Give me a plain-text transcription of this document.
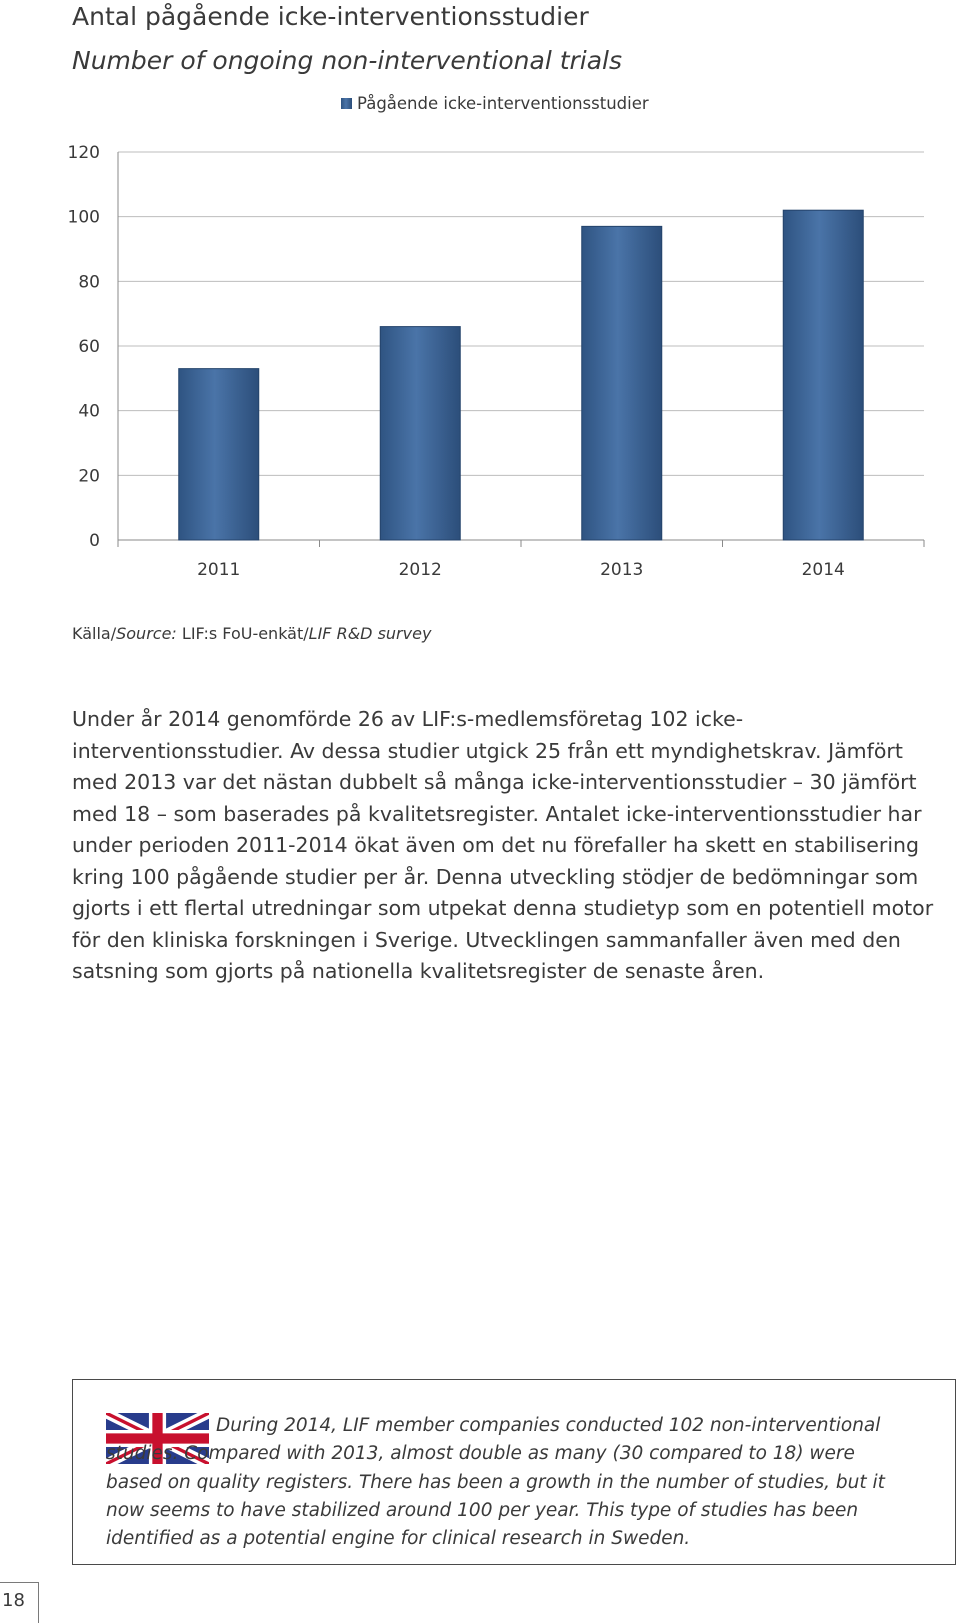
Antal pågående icke-interventionsstudier
Number of ongoing non-interventional trials
Pågående icke-interventionsstudier
0
20
40
60
80
100
120
2011	2012	2013	2014
Källa/Source: LIF:s FoU-enkät/LIF R&D survey

Under år 2014 genomförde 26 av LIF:s-medlemsföretag 102 icke-interventionsstudier. Av dessa studier utgick 25 från ett myndighetskrav. Jämfört med 2013 var det nästan dubbelt så många icke-interventionsstudier – 30 jämfört med 18 – som baserades på kvalitetsregister. Antalet icke-interventionsstudier har under perioden 2011-2014 ökat även om det nu förefaller ha skett en stabilisering kring 100 pågående studier per år. Denna utveckling stödjer de bedömningar som gjorts i ett flertal utredningar som utpekat denna studietyp som en potentiell motor för den kliniska forskningen i Sverige. Utvecklingen sammanfaller även med den satsning som gjorts på nationella kvalitetsregister de senaste åren.

During 2014, LIF member companies conducted 102 non-interventional studies. Compared with 2013, almost double as many (30 compared to 18) were based on quality registers. There has been a growth in the number of studies, but it now seems to have stabilized around 100 per year. This type of studies has been identified as a potential engine for clinical research in Sweden.

18
